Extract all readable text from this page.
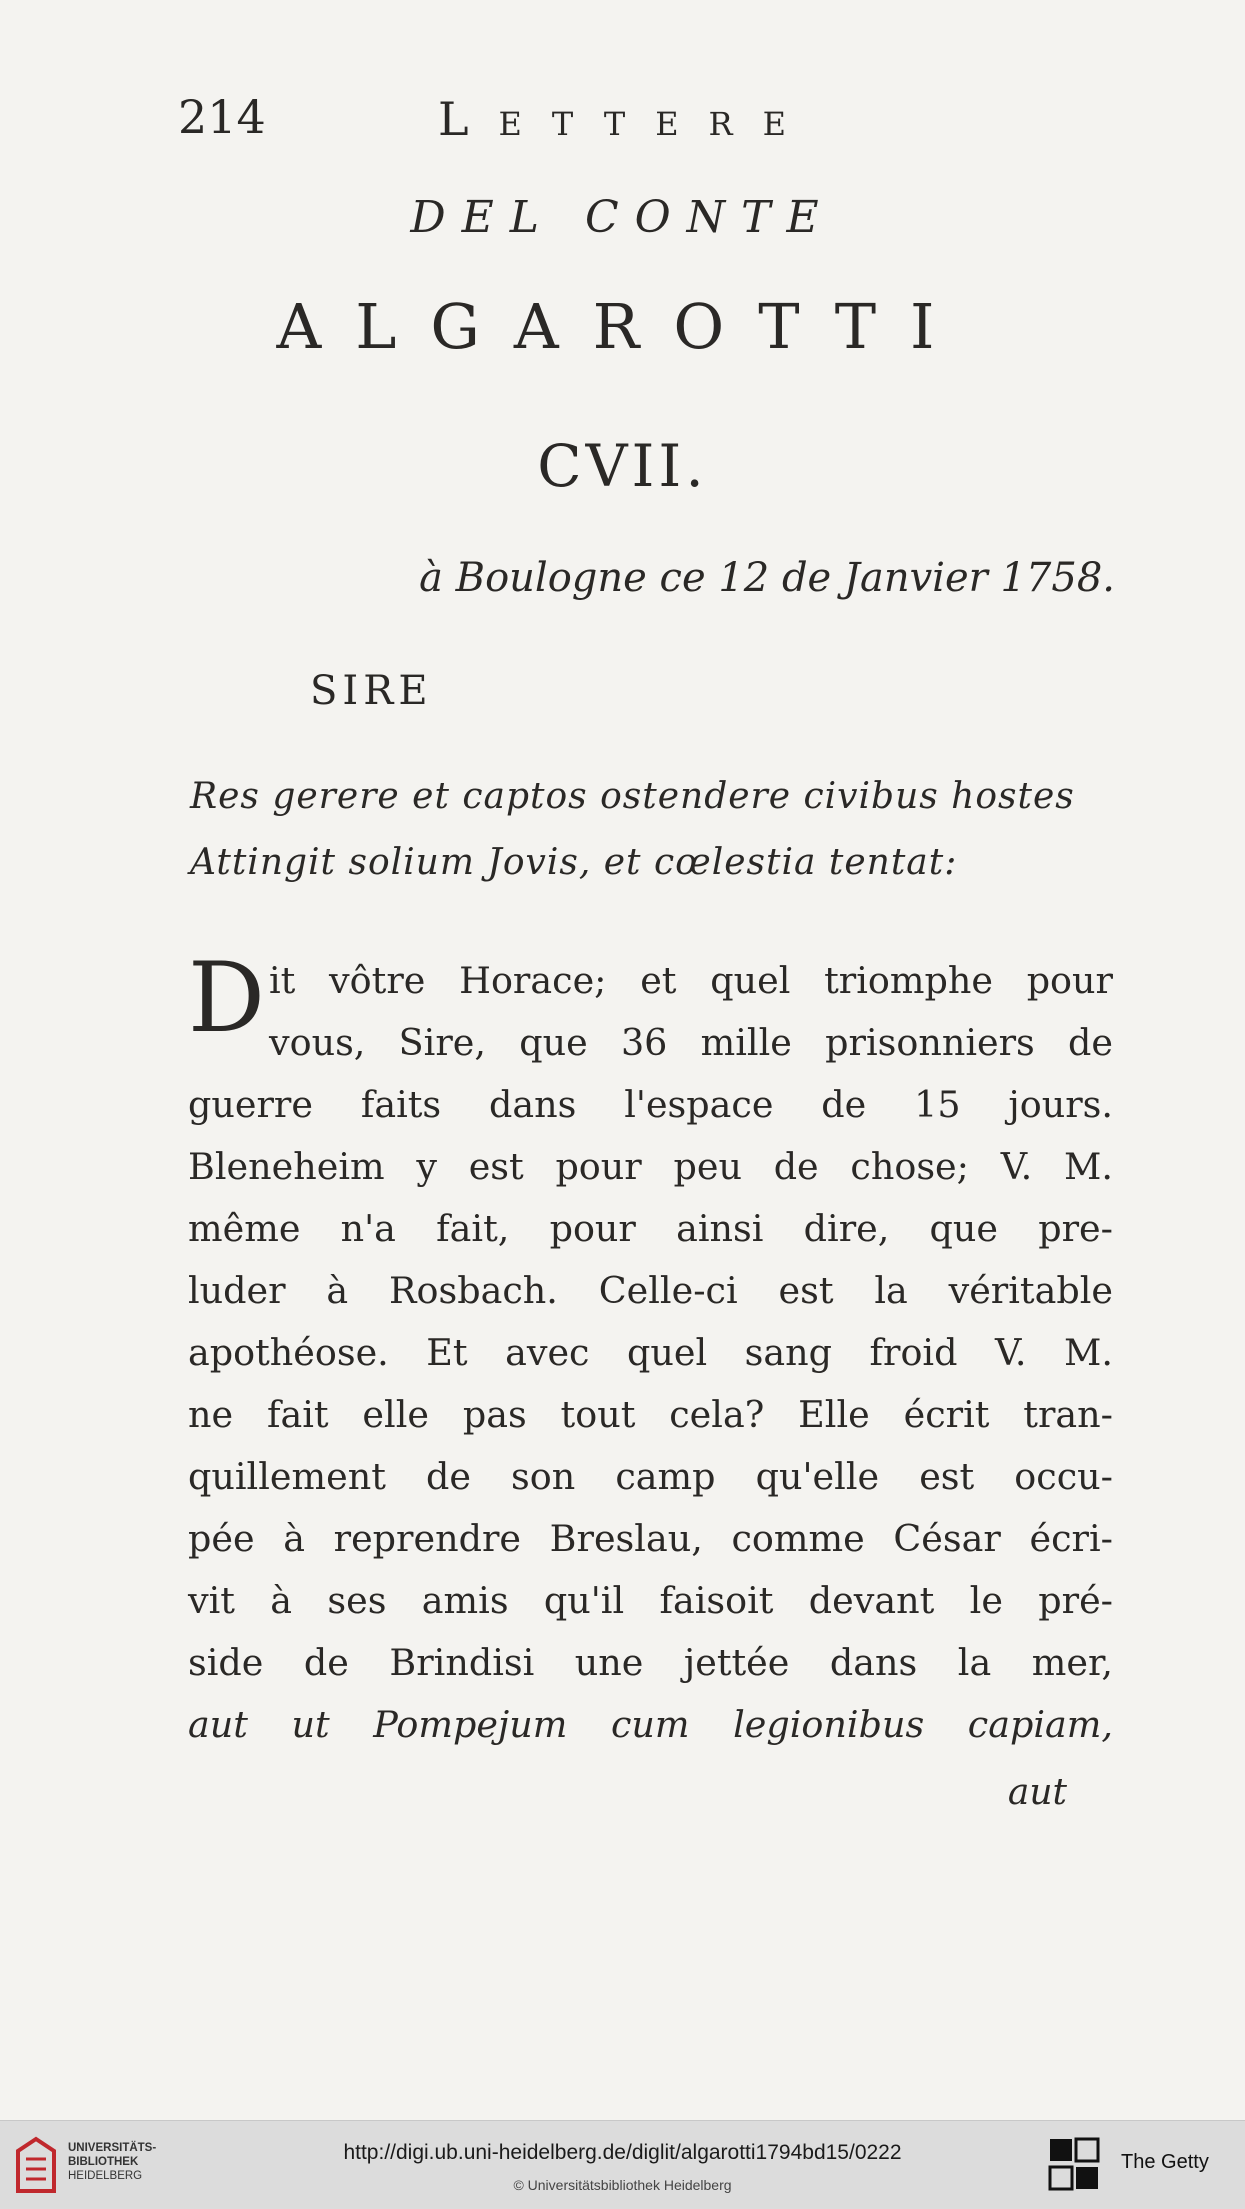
214	Lettere
DEL CONTE
ALGAROTTI
CVII.
à Boulogne ce 12 de Janvier 1758.
SIRE
Res gerere et captos ostendere civibus hostes
Attingit solium Jovis, et cœlestia tentat:
D it vôtre Horace; et quel triomphe pour
vous, Sire, que 36 mille prisonniers de
guerre faits dans l'espace de 15 jours.
Bleneheim y est pour peu de chose; V. M.
même n'a fait, pour ainsi dire, que pre-
luder à Rosbach. Celle-ci est la véritable
apothéose. Et avec quel sang froid V. M.
ne fait elle pas tout cela? Elle écrit tran-
quillement de son camp qu'elle est occu-
pée à reprendre Breslau, comme César écri-
vit à ses amis qu'il faisoit devant le pré-
side de Brindisi une jettée dans la mer,
aut ut Pompejum cum legionibus capiam,
aut
UNIVERSITÄTS-
BIBLIOTHEK
HEIDELBERG
http://digi.ub.uni-heidelberg.de/diglit/algarotti1794bd15/0222
© Universitätsbibliothek Heidelberg
The Getty
